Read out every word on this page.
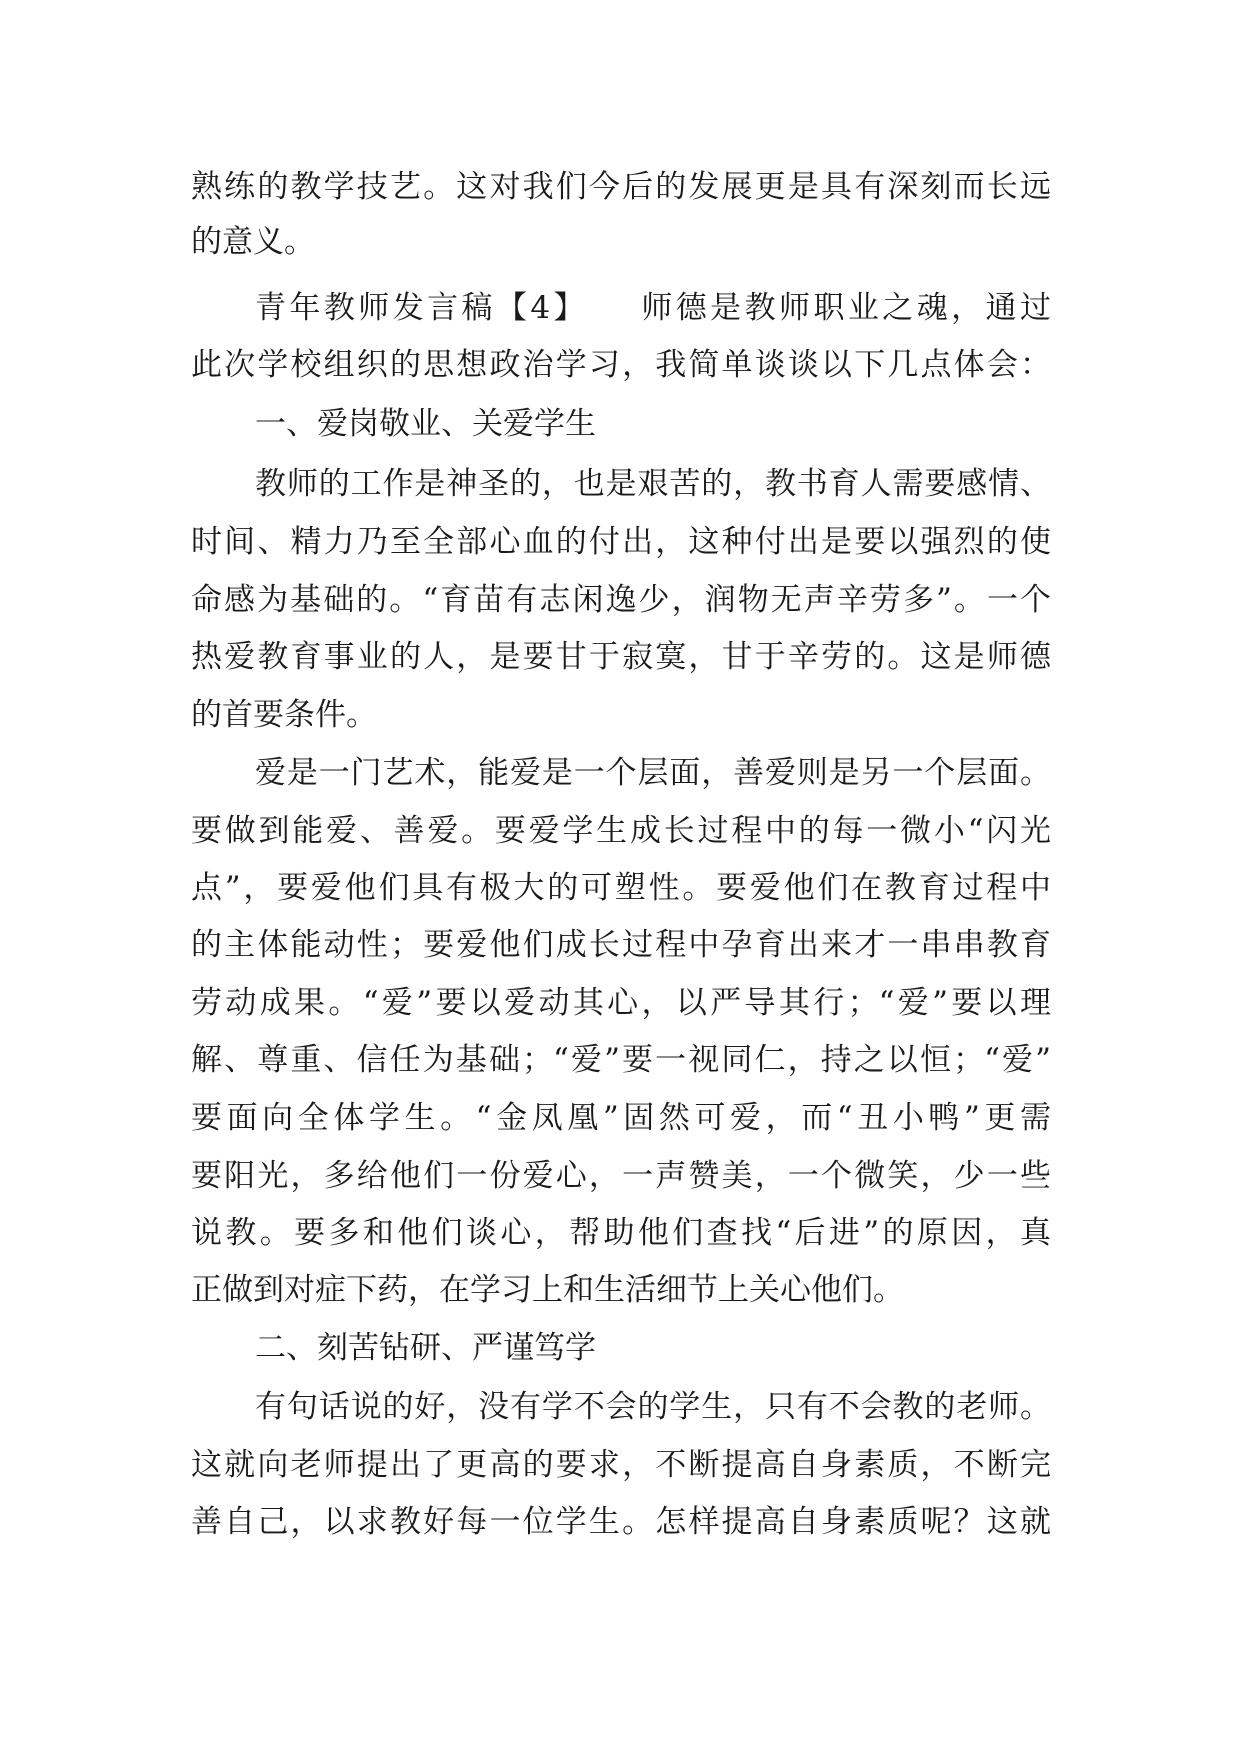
熟练的教学技艺。这对我们今后的发展更是具有深刻而长远
的意义。
青年教师发言稿【4】　　师德是教师职业之魂，通过
此次学校组织的思想政治学习，我简单谈谈以下几点体会：
一、爱岗敬业、关爱学生
教师的工作是神圣的，也是艰苦的，教书育人需要感情、
时间、精力乃至全部心血的付出，这种付出是要以强烈的使
命感为基础的。“育苗有志闲逸少，润物无声辛劳多”。一个
热爱教育事业的人，是要甘于寂寞，甘于辛劳的。这是师德
的首要条件。
爱是一门艺术，能爱是一个层面，善爱则是另一个层面。
要做到能爱、善爱。要爱学生成长过程中的每一微小“闪光
点”，要爱他们具有极大的可塑性。要爱他们在教育过程中
的主体能动性；要爱他们成长过程中孕育出来才一串串教育
劳动成果。“爱”要以爱动其心，以严导其行；“爱”要以理
解、尊重、信任为基础；“爱”要一视同仁，持之以恒；“爱”
要面向全体学生。“金凤凰”固然可爱，而“丑小鸭”更需
要阳光，多给他们一份爱心，一声赞美，一个微笑，少一些
说教。要多和他们谈心，帮助他们查找“后进”的原因，真
正做到对症下药，在学习上和生活细节上关心他们。
二、刻苦钻研、严谨笃学
有句话说的好，没有学不会的学生，只有不会教的老师。
这就向老师提出了更高的要求，不断提高自身素质，不断完
善自己，以求教好每一位学生。怎样提高自身素质呢？这就
